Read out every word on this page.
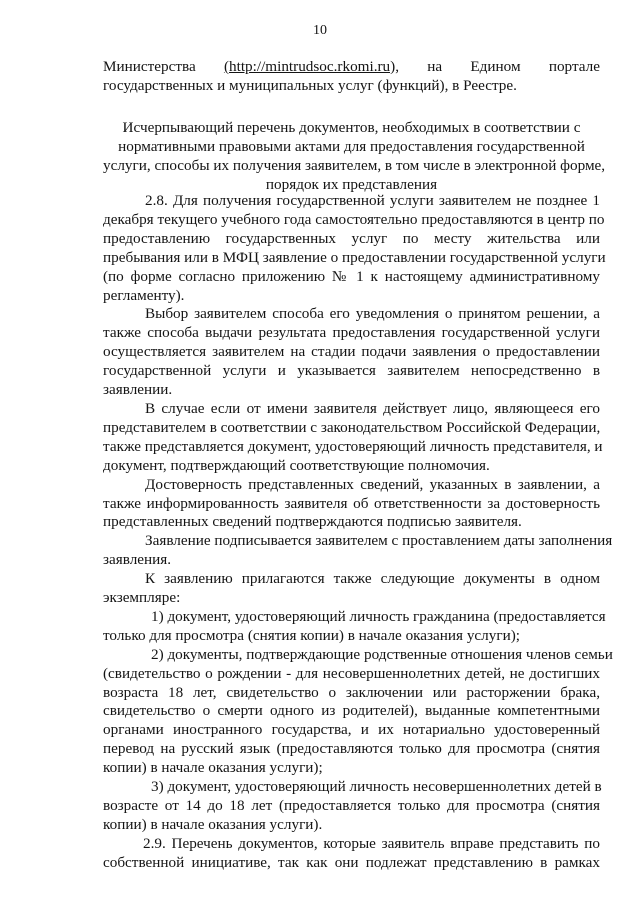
10
Министерства (http://mintrudsoc.rkomi.ru), на Едином портале
государственных и муниципальных услуг (функций), в Реестре.
Исчерпывающий перечень документов, необходимых в соответствии с
нормативными правовыми актами для предоставления государственной
услуги, способы их получения заявителем, в том числе в электронной форме,
порядок их представления
2.8. Для получения государственной услуги заявителем не позднее 1
декабря текущего учебного года самостоятельно предоставляются в центр по
предоставлению государственных услуг по месту жительства или
пребывания или в МФЦ заявление о предоставлении государственной услуги
(по форме согласно приложению № 1 к настоящему административному
регламенту).
Выбор заявителем способа его уведомления о принятом решении, а
также способа выдачи результата предоставления государственной услуги
осуществляется заявителем на стадии подачи заявления о предоставлении
государственной услуги и указывается заявителем непосредственно в
заявлении.
В случае если от имени заявителя действует лицо, являющееся его
представителем в соответствии с законодательством Российской Федерации,
также представляется документ, удостоверяющий личность представителя, и
документ, подтверждающий соответствующие полномочия.
Достоверность представленных сведений, указанных в заявлении, а
также информированность заявителя об ответственности за достоверность
представленных сведений подтверждаются подписью заявителя.
Заявление подписывается заявителем с проставлением даты заполнения
заявления.
К заявлению прилагаются также следующие документы в одном
экземпляре:
1) документ, удостоверяющий личность гражданина (предоставляется
только для просмотра (снятия копии) в начале оказания услуги);
2) документы, подтверждающие родственные отношения членов семьи
(свидетельство о рождении - для несовершеннолетних детей, не достигших
возраста 18 лет, свидетельство о заключении или расторжении брака,
свидетельство о смерти одного из родителей), выданные компетентными
органами иностранного государства, и их нотариально удостоверенный
перевод на русский язык (предоставляются только для просмотра (снятия
копии) в начале оказания услуги);
3) документ, удостоверяющий личность несовершеннолетних детей в
возрасте от 14 до 18 лет (предоставляется только для просмотра (снятия
копии) в начале оказания услуги).
2.9. Перечень документов, которые заявитель вправе представить по
собственной инициативе, так как они подлежат представлению в рамках
